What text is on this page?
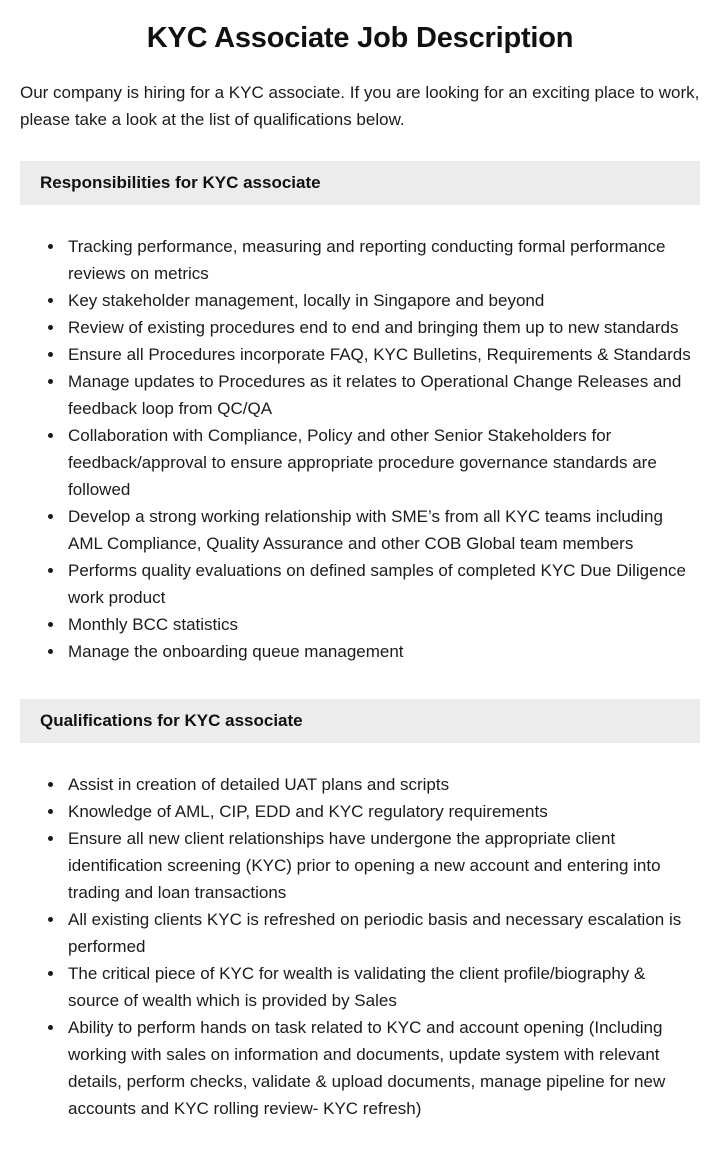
KYC Associate Job Description

Our company is hiring for a KYC associate. If you are looking for an exciting place to work, please take a look at the list of qualifications below.

Responsibilities for KYC associate
• Tracking performance, measuring and reporting conducting formal performance reviews on metrics
• Key stakeholder management, locally in Singapore and beyond
• Review of existing procedures end to end and bringing them up to new standards
• Ensure all Procedures incorporate FAQ, KYC Bulletins, Requirements & Standards
• Manage updates to Procedures as it relates to Operational Change Releases and feedback loop from QC/QA
• Collaboration with Compliance, Policy and other Senior Stakeholders for feedback/approval to ensure appropriate procedure governance standards are followed
• Develop a strong working relationship with SME’s from all KYC teams including AML Compliance, Quality Assurance and other COB Global team members
• Performs quality evaluations on defined samples of completed KYC Due Diligence work product
• Monthly BCC statistics
• Manage the onboarding queue management
Qualifications for KYC associate
• Assist in creation of detailed UAT plans and scripts
• Knowledge of AML, CIP, EDD and KYC regulatory requirements
• Ensure all new client relationships have undergone the appropriate client identification screening (KYC) prior to opening a new account and entering into trading and loan transactions
• All existing clients KYC is refreshed on periodic basis and necessary escalation is performed
• The critical piece of KYC for wealth is validating the client profile/biography & source of wealth which is provided by Sales
• Ability to perform hands on task related to KYC and account opening (Including working with sales on information and documents, update system with relevant details, perform checks, validate & upload documents, manage pipeline for new accounts and KYC rolling review- KYC refresh)
